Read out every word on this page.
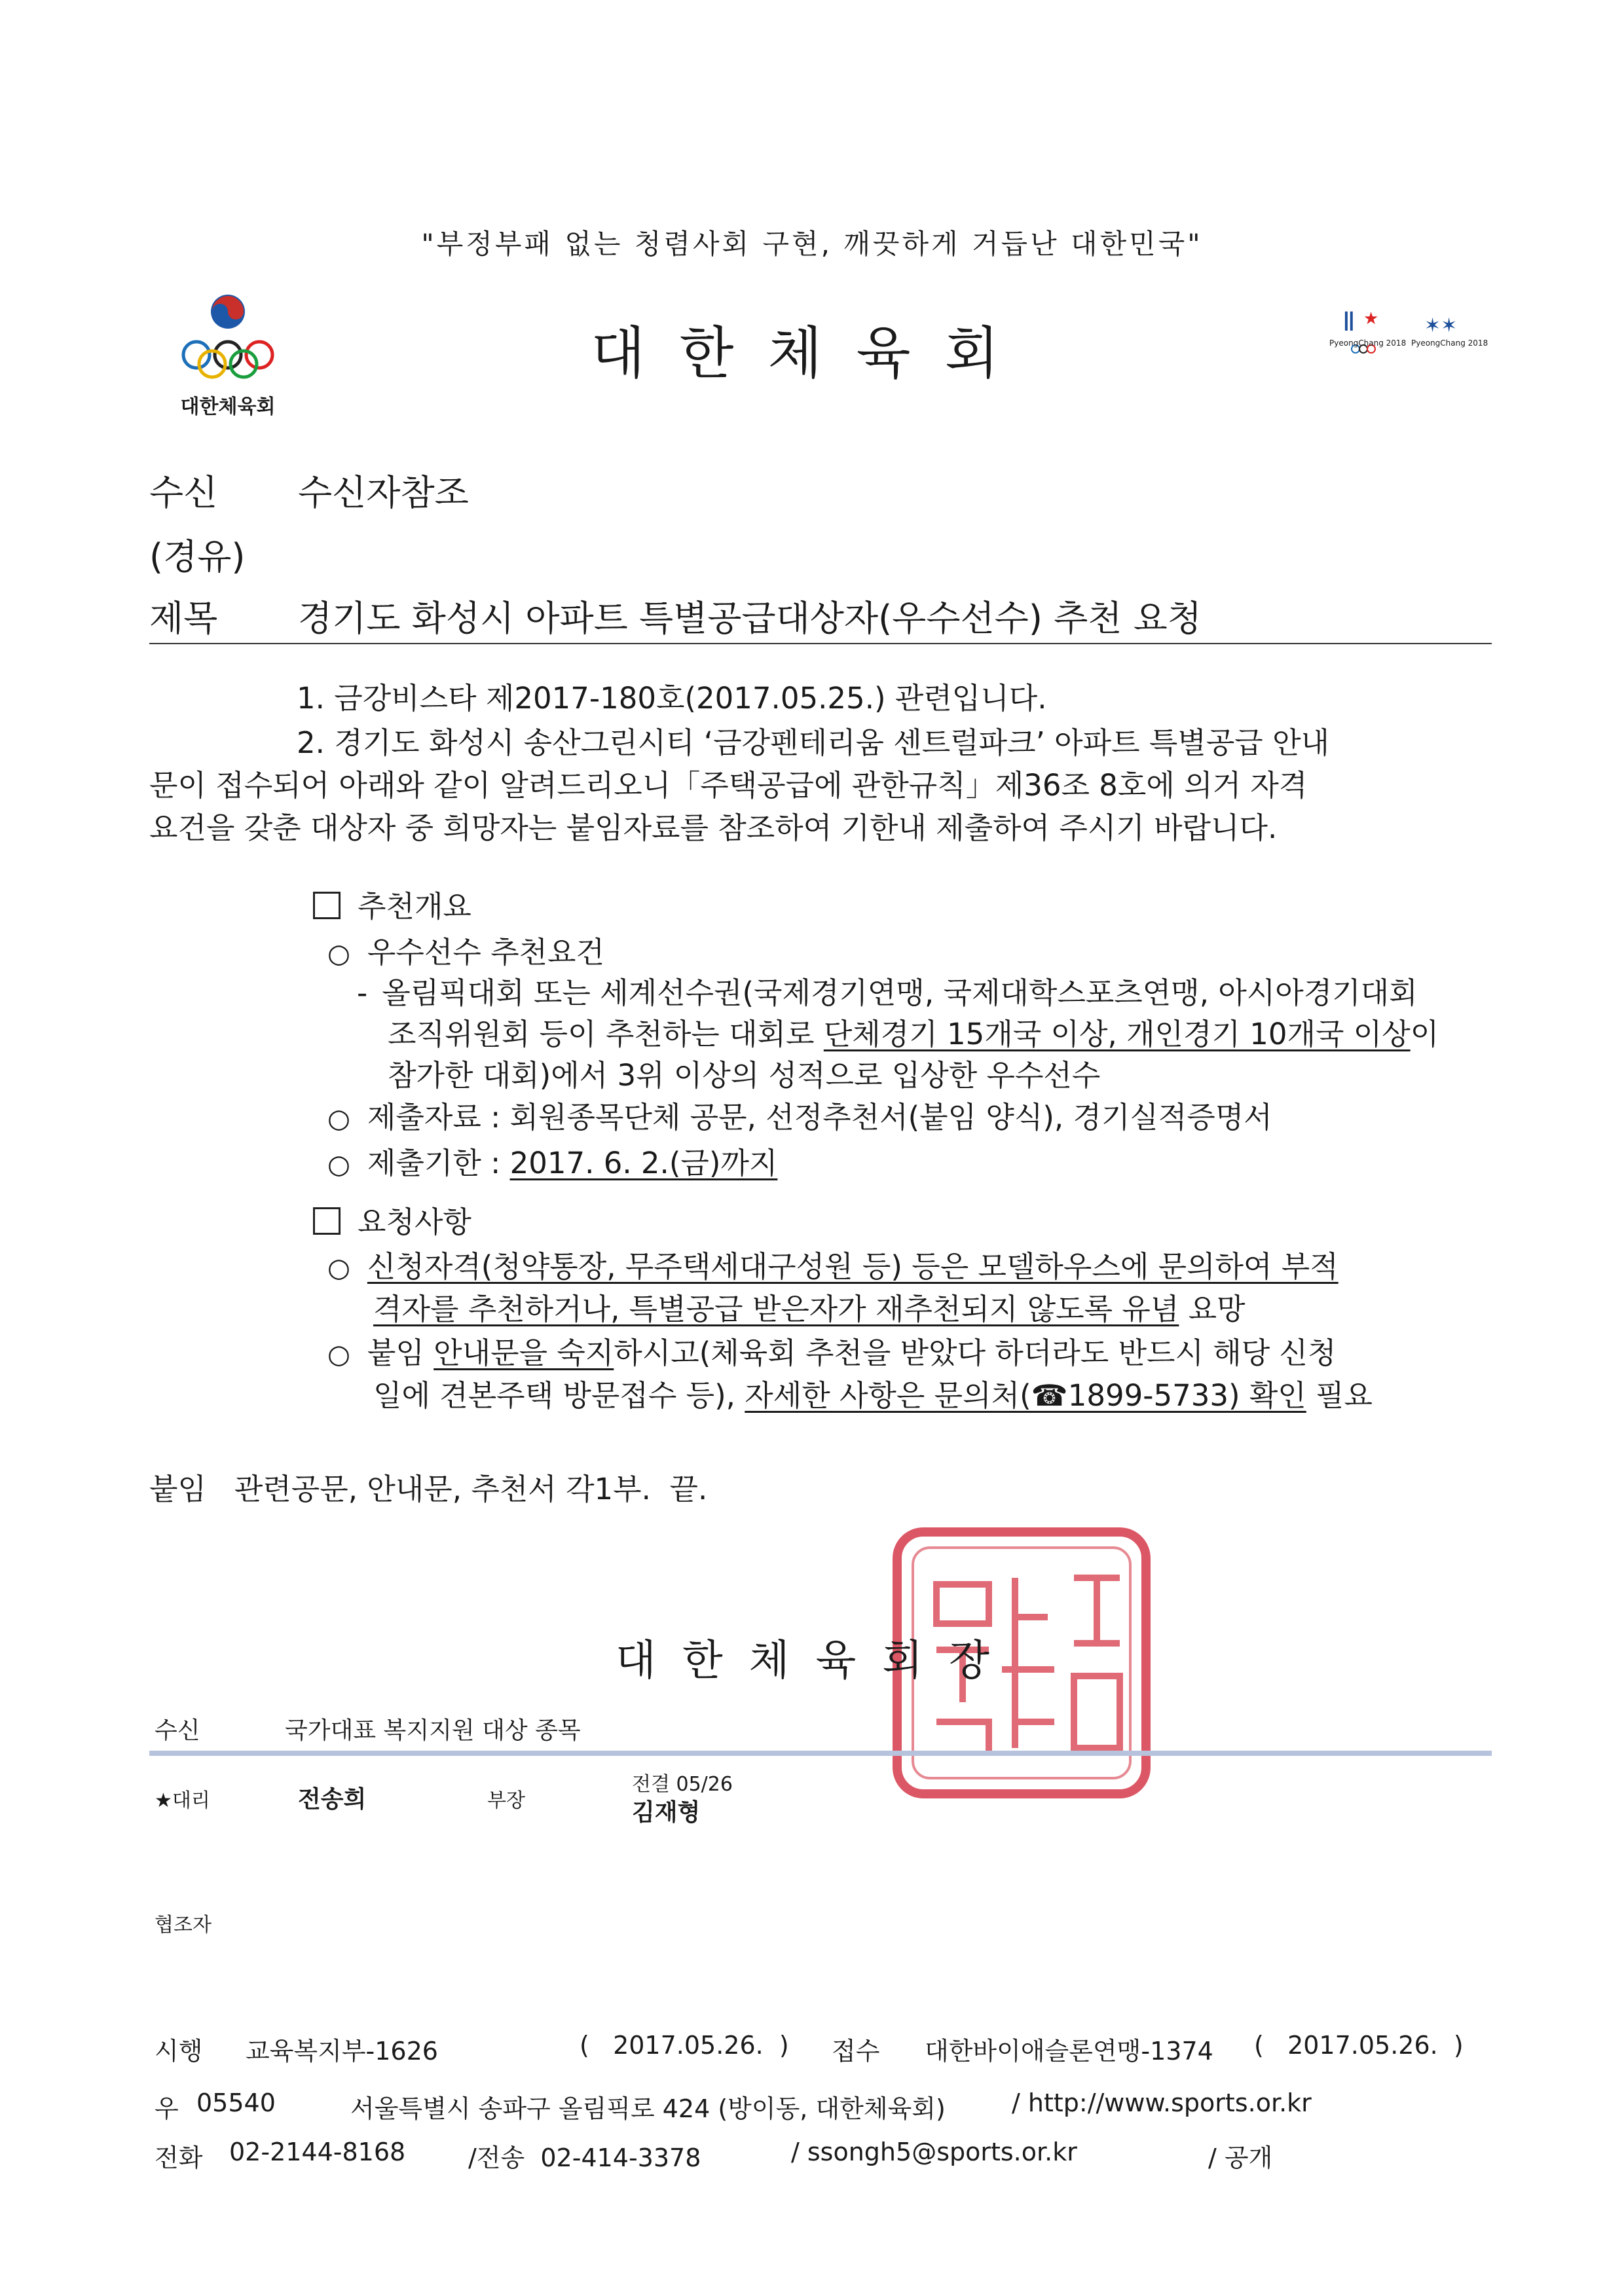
"부정부패 없는 청렴사회 구현, 깨끗하게 거듭난 대한민국"
대한체육회
대한체육회	Ⅱ ★ ✶✶
PyeongChang 2018 PyeongChang 2018
수신 수신자참조
(경유)
제목 경기도 화성시 아파트 특별공급대상자(우수선수) 추천 요청
1. 금강비스타 제2017-180호(2017.05.25.) 관련입니다.
2. 경기도 화성시 송산그린시티 ‘금강펜테리움 센트럴파크’ 아파트 특별공급 안내
문이 접수되어 아래와 같이 알려드리오니「주택공급에 관한규칙」제36조 8호에 의거 자격
요건을 갖춘 대상자 중 희망자는 붙임자료를 참조하여 기한내 제출하여 주시기 바랍니다.
추천개요
○ 우수선수 추천요건
- 올림픽대회 또는 세계선수권(국제경기연맹, 국제대학스포츠연맹, 아시아경기대회
조직위원회 등이 추천하는 대회로 단체경기 15개국 이상, 개인경기 10개국 이상이
참가한 대회)에서 3위 이상의 성적으로 입상한 우수선수
○ 제출자료 : 회원종목단체 공문, 선정추천서(붙임 양식), 경기실적증명서
○ 제출기한 : 2017. 6. 2.(금)까지
요청사항
○ 신청자격(청약통장, 무주택세대구성원 등) 등은 모델하우스에 문의하여 부적
격자를 추천하거나, 특별공급 받은자가 재추천되지 않도록 유념 요망
○ 붙임 안내문을 숙지하시고(체육회 추천을 받았다 하더라도 반드시 해당 신청
일에 견본주택 방문접수 등), 자세한 사항은 문의처(☎1899-5733) 확인 필요
붙임   관련공문, 안내문, 추천서 각1부.  끝.
대한체육회장
수신	국가대표 복지지원 대상 종목
★대리	전송희	부장
전결 05/26
김재형
협조자
시행 교육복지부-1626	(   2017.05.26.  ) 접수 대한바이애슬론연맹-1374 (   2017.05.26.  )
우 05540	서울특별시 송파구 올림픽로 424 (방이동, 대한체육회)	/ http://www.sports.or.kr
전화 02-2144-8168	/전송  02-414-3378	/ ssongh5@sports.or.kr	/ 공개
